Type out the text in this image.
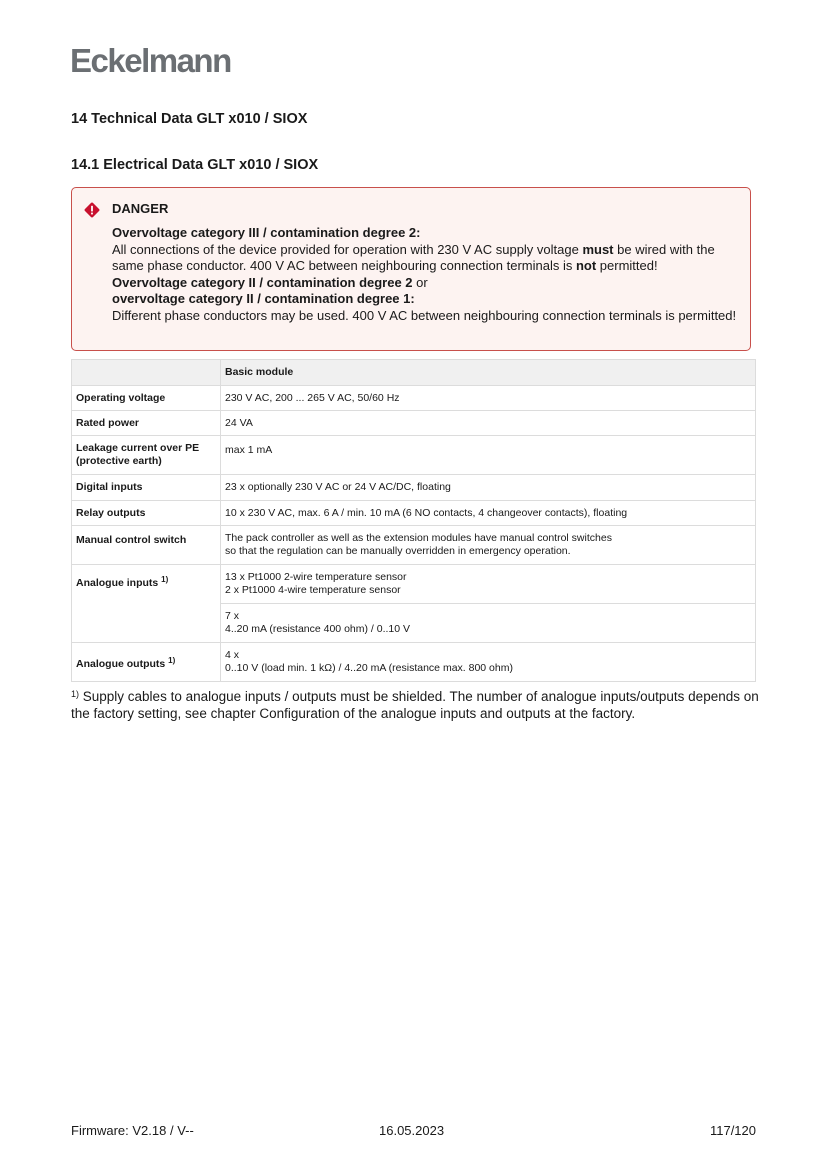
Eckelmann
14 Technical Data GLT x010 / SIOX
14.1 Electrical Data GLT x010 / SIOX
DANGER

Overvoltage category III / contamination degree 2:

All connections of the device provided for operation with 230 V AC supply voltage must be wired with the same phase conductor. 400 V AC between neighbouring connection terminals is not permitted!

Overvoltage category II / contamination degree 2 or

overvoltage category II / contamination degree 1:

Different phase conductors may be used. 400 V AC between neighbouring connection terminals is permitted!

	Basic module
Operating voltage	230 V AC, 200 ... 265 V AC, 50/60 Hz
Rated power	24 VA
Leakage current over PE
(protective earth)	max 1 mA
Digital inputs	23 x optionally 230 V AC or 24 V AC/DC, floating
Relay outputs	10 x 230 V AC, max. 6 A / min. 10 mA (6 NO contacts, 4 changeover contacts), floating
Manual control switch	The pack controller as well as the extension modules have manual control switches
so that the regulation can be manually overridden in emergency operation.
Analogue inputs $^{1)}$	13 x Pt1000 2-wire temperature sensor
2 x Pt1000 4-wire temperature sensor
	7 x
4..20 mA (resistance 400 ohm) / 0..10 V
Analogue outputs $^{1)}$	4 x
0..10 V (load min. 1 kΩ) / 4..20 mA (resistance max. 800 ohm)
$^{1)}$ Supply cables to analogue inputs / outputs must be shielded. The number of analogue inputs/outputs depends on the factory setting, see chapter Configuration of the analogue inputs and outputs at the factory.
Firmware: V2.18 / V--	16.05.2023	117/120
